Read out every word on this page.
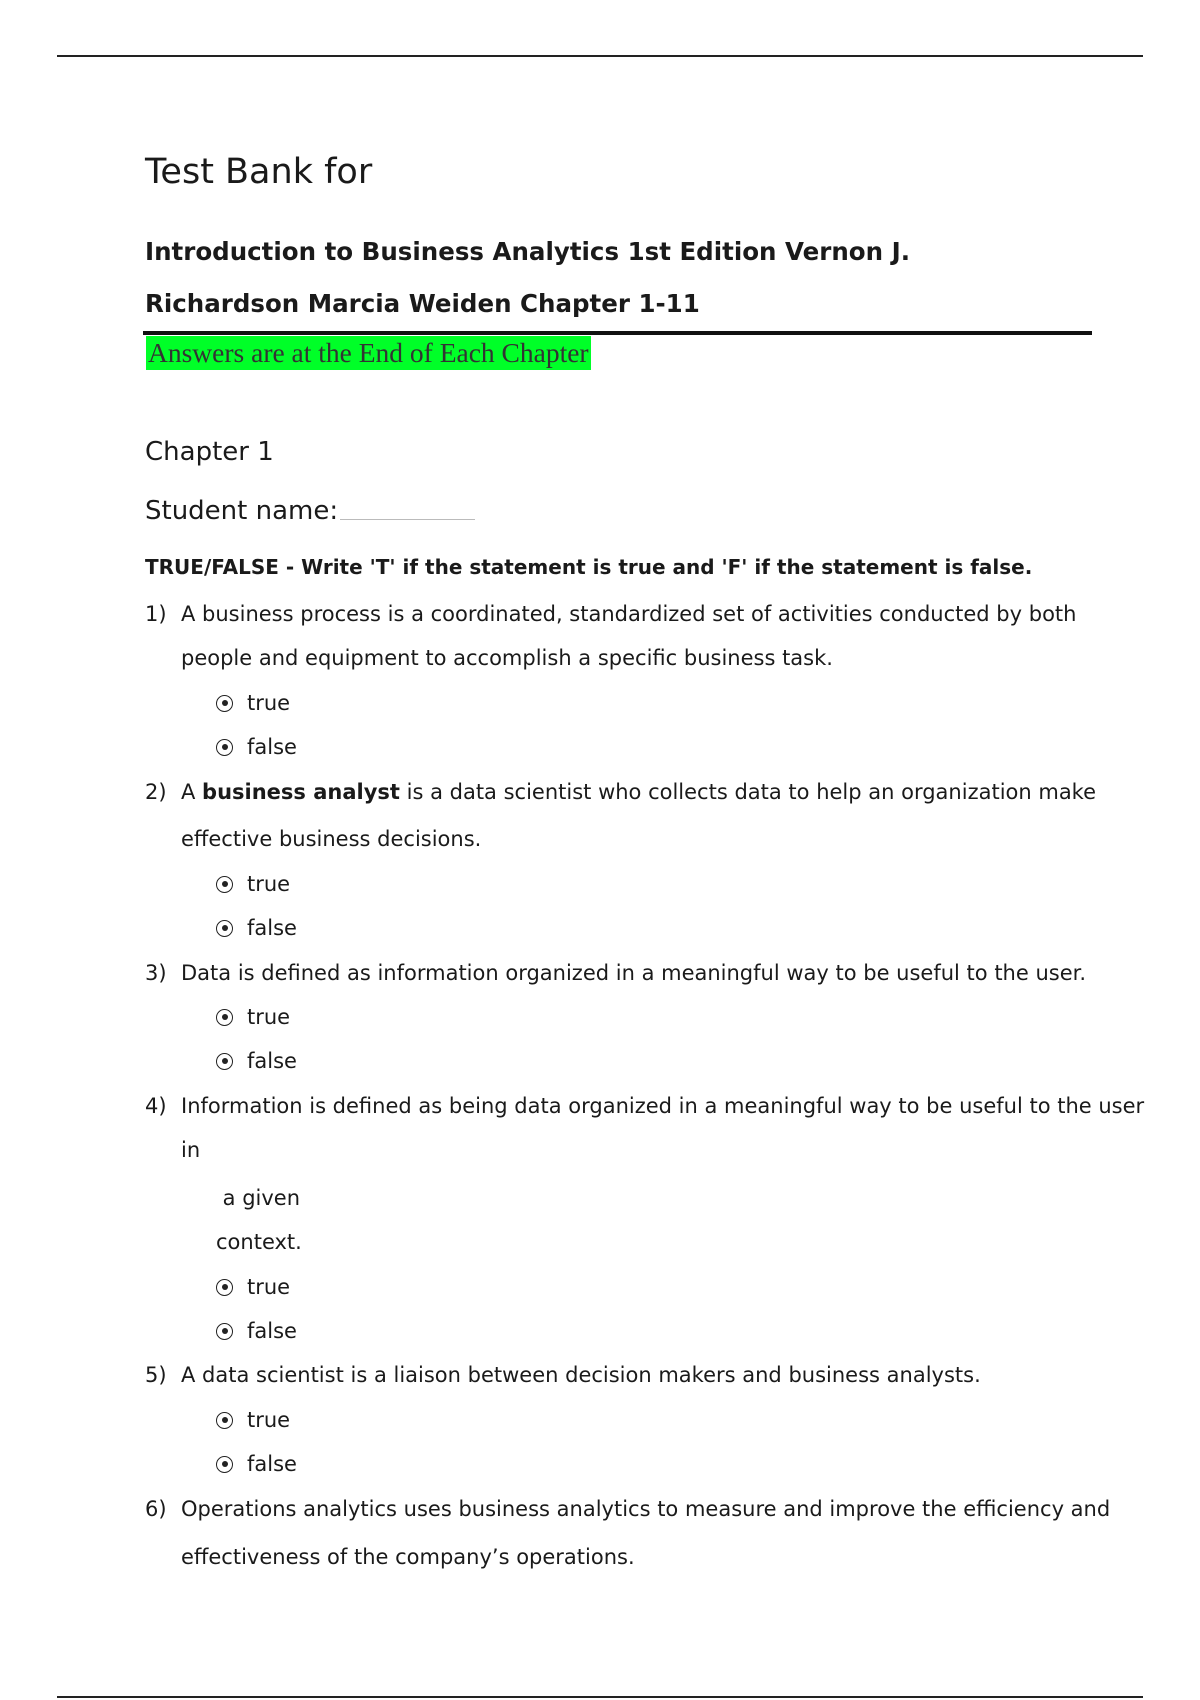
Test Bank for
Introduction to Business Analytics 1st Edition Vernon J. Richardson Marcia Weiden Chapter 1-11
Answers are at the End of Each Chapter
Chapter 1
Student name:
TRUE/FALSE - Write 'T' if the statement is true and 'F' if the statement is false.
1) A business process is a coordinated, standardized set of activities conducted by both
people and equipment to accomplish a specific business task.
true
false
2) A business analyst is a data scientist who collects data to help an organization make
effective business decisions.
true
false
3) Data is defined as information organized in a meaningful way to be useful to the user.
true
false
4) Information is defined as being data organized in a meaningful way to be useful to the user
in
a given
context.
true
false
5) A data scientist is a liaison between decision makers and business analysts.
true
false
6) Operations analytics uses business analytics to measure and improve the efficiency and
effectiveness of the company’s operations.
